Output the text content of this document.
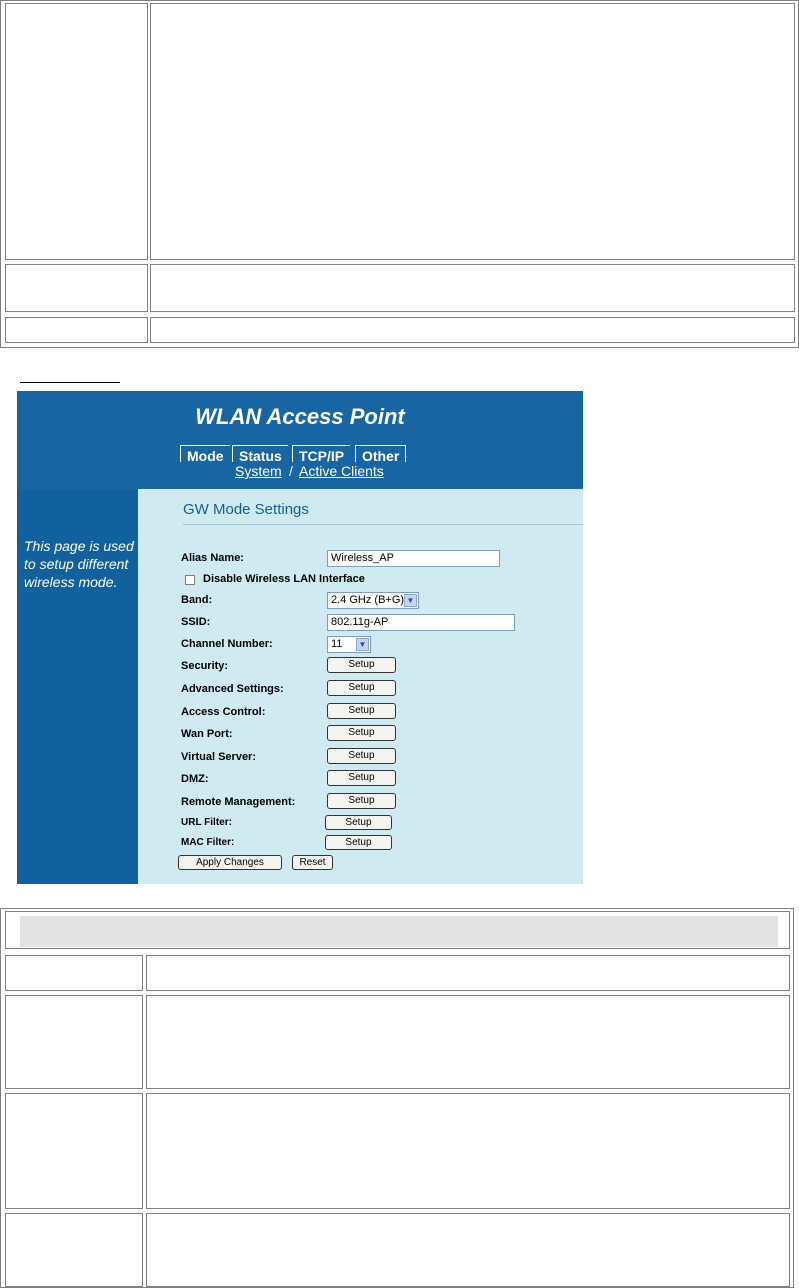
WLAN Access Point
Mode	Status	TCP/IP	Other
System / Active Clients
This page is used to setup different wireless mode.
GW Mode Settings
Alias Name:	Wireless_AP
Disable Wireless LAN Interface
Band:	2.4 GHz (B+G) ▼
SSID:	802.11g-AP
Channel Number:	11	▼
Security:	Setup
Advanced Settings:	Setup
Access Control:	Setup
Wan Port:	Setup
Virtual Server:	Setup
DMZ:	Setup
Remote Management:	Setup
URL Filter:	Setup
MAC Filter:	Setup
Apply Changes	Reset
